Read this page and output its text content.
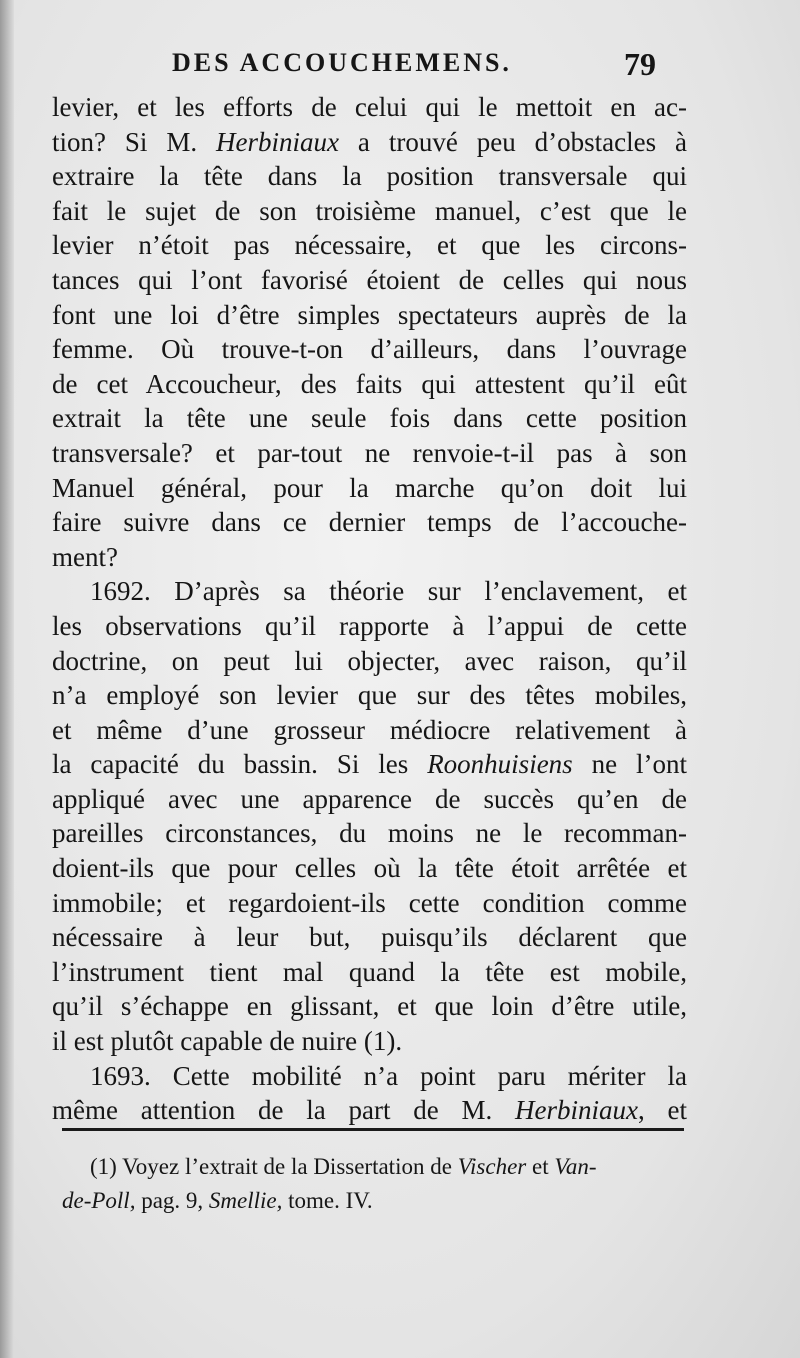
DES ACCOUCHEMENS.	79
levier, et les efforts de celui qui le mettoit en ac-
tion? Si M. Herbiniaux a trouvé peu d’obstacles à
extraire la tête dans la position transversale qui
fait le sujet de son troisième manuel, c’est que le
levier n’étoit pas nécessaire, et que les circons-
tances qui l’ont favorisé étoient de celles qui nous
font une loi d’être simples spectateurs auprès de la
femme. Où trouve-t-on d’ailleurs, dans l’ouvrage
de cet Accoucheur, des faits qui attestent qu’il eût
extrait la tête une seule fois dans cette position
transversale? et par-tout ne renvoie-t-il pas à son
Manuel général, pour la marche qu’on doit lui
faire suivre dans ce dernier temps de l’accouche-
ment?
1692. D’après sa théorie sur l’enclavement, et
les observations qu’il rapporte à l’appui de cette
doctrine, on peut lui objecter, avec raison, qu’il
n’a employé son levier que sur des têtes mobiles,
et même d’une grosseur médiocre relativement à
la capacité du bassin. Si les Roonhuisiens ne l’ont
appliqué avec une apparence de succès qu’en de
pareilles circonstances, du moins ne le recomman-
doient-ils que pour celles où la tête étoit arrêtée et
immobile; et regardoient-ils cette condition comme
nécessaire à leur but, puisqu’ils déclarent que
l’instrument tient mal quand la tête est mobile,
qu’il s’échappe en glissant, et que loin d’être utile,
il est plutôt capable de nuire (1).
1693. Cette mobilité n’a point paru mériter la
même attention de la part de M. Herbiniaux, et
(1) Voyez l’extrait de la Dissertation de Vischer et Van-
de-Poll, pag. 9, Smellie, tome. IV.
